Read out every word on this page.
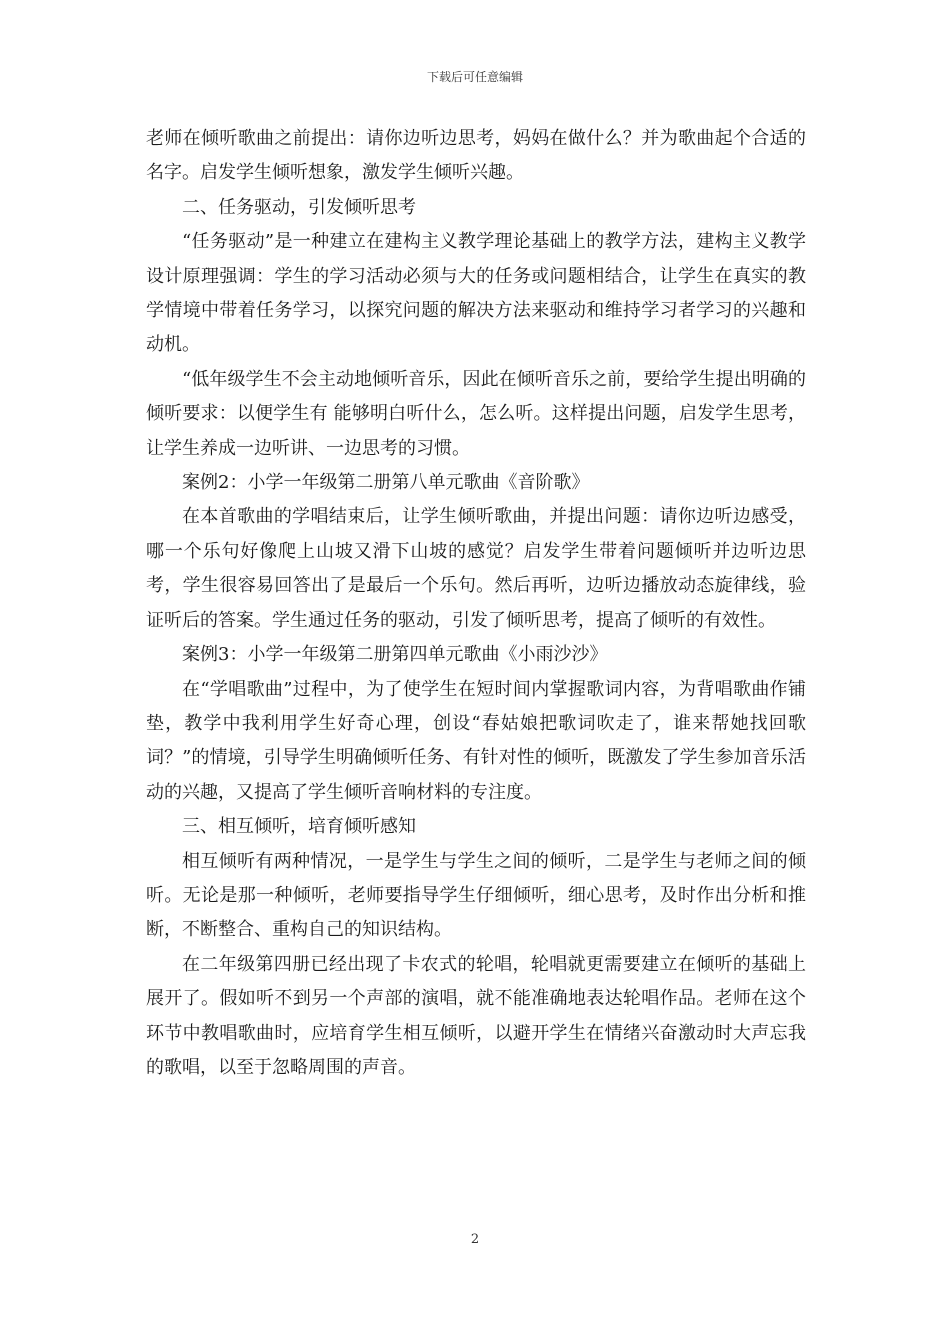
下载后可任意编辑

老师在倾听歌曲之前提出：请你边听边思考，妈妈在做什么？并为歌曲起个合适的名字。启发学生倾听想象，激发学生倾听兴趣。

二、任务驱动，引发倾听思考

“任务驱动”是一种建立在建构主义教学理论基础上的教学方法，建构主义教学设计原理强调：学生的学习活动必须与大的任务或问题相结合，让学生在真实的教学情境中带着任务学习，以探究问题的解决方法来驱动和维持学习者学习的兴趣和动机。

“低年级学生不会主动地倾听音乐，因此在倾听音乐之前，要给学生提出明确的倾听要求：以便学生有 能够明白听什么，怎么听。这样提出问题，启发学生思考，让学生养成一边听讲、一边思考的习惯。

案例2：小学一年级第二册第八单元歌曲《音阶歌》

在本首歌曲的学唱结束后，让学生倾听歌曲，并提出问题：请你边听边感受，哪一个乐句好像爬上山坡又滑下山坡的感觉？启发学生带着问题倾听并边听边思考，学生很容易回答出了是最后一个乐句。然后再听，边听边播放动态旋律线，验证听后的答案。学生通过任务的驱动，引发了倾听思考，提高了倾听的有效性。

案例3：小学一年级第二册第四单元歌曲《小雨沙沙》

在“学唱歌曲”过程中，为了使学生在短时间内掌握歌词内容，为背唱歌曲作铺垫，教学中我利用学生好奇心理，创设“春姑娘把歌词吹走了，谁来帮她找回歌词？”的情境，引导学生明确倾听任务、有针对性的倾听，既激发了学生参加音乐活动的兴趣，又提高了学生倾听音响材料的专注度。

三、相互倾听，培育倾听感知

相互倾听有两种情况，一是学生与学生之间的倾听，二是学生与老师之间的倾听。无论是那一种倾听，老师要指导学生仔细倾听，细心思考，及时作出分析和推断，不断整合、重构自己的知识结构。

在二年级第四册已经出现了卡农式的轮唱，轮唱就更需要建立在倾听的基础上展开了。假如听不到另一个声部的演唱，就不能准确地表达轮唱作品。老师在这个环节中教唱歌曲时，应培育学生相互倾听，以避开学生在情绪兴奋激动时大声忘我的歌唱，以至于忽略周围的声音。

2
